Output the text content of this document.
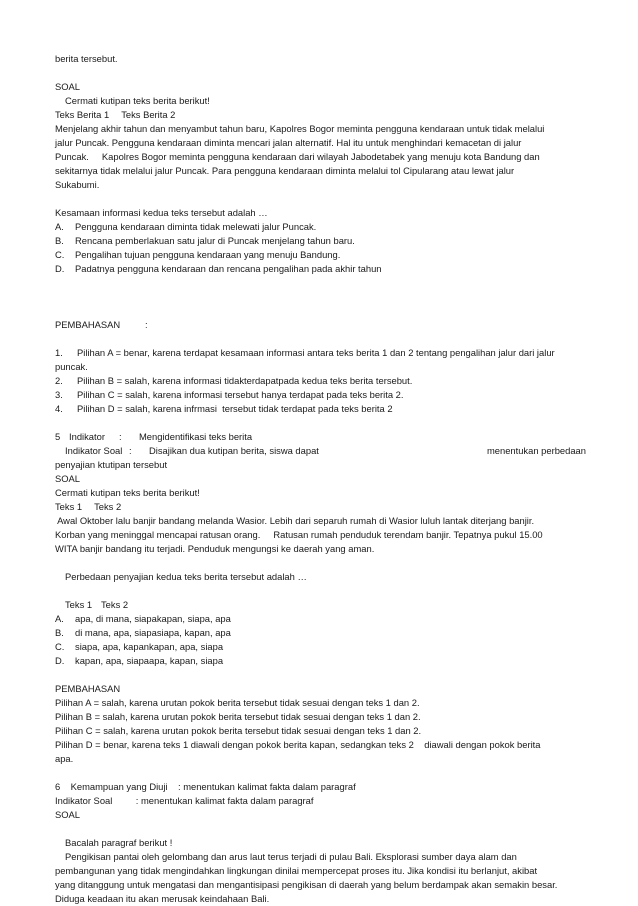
berita tersebut.

SOAL

Cermati kutipan teks berita berikut!

Teks Berita 1 Teks Berita 2

Menjelang akhir tahun dan menyambut tahun baru, Kapolres Bogor meminta pengguna kendaraan untuk tidak melalui

jalur Puncak. Pengguna kendaraan diminta mencari jalan alternatif. Hal itu untuk menghindari kemacetan di jalur

Puncak.     Kapolres Bogor meminta pengguna kendaraan dari wilayah Jabodetabek yang menuju kota Bandung dan

sekitarnya tidak melalui jalur Puncak. Para pengguna kendaraan diminta melalui tol Cipularang atau lewat jalur

Sukabumi.

Kesamaan informasi kedua teks tersebut adalah …

A.	Pengguna kendaraan diminta tidak melewati jalur Puncak.
B.	Rencana pemberlakuan satu jalur di Puncak menjelang tahun baru.
C.	Pengalihan tujuan pengguna kendaraan yang menuju Bandung.
D.	Padatnya pengguna kendaraan dan rencana pengalihan pada akhir tahun

PEMBAHASAN	:

1.	Pilihan A = benar, karena terdapat kesamaan informasi antara teks berita 1 dan 2 tentang pengalihan jalur dari jalur

puncak.

2.	Pilihan B = salah, karena informasi tidakterdapatpada kedua teks berita tersebut.
3.	Pilihan C = salah, karena informasi tersebut hanya terdapat pada teks berita 2.
4.	Pilihan D = salah, karena infrmasi  tersebut tidak terdapat pada teks berita 2
5 Indikator	:	Mengidentifikasi teks berita
Indikator Soal :	Disajikan dua kutipan berita, siswa dapat	menentukan perbedaan

penyajian ktutipan tersebut

SOAL

Cermati kutipan teks berita berikut!

Teks 1 Teks 2

Awal Oktober lalu banjir bandang melanda Wasior. Lebih dari separuh rumah di Wasior luluh lantak diterjang banjir.

Korban yang meninggal mencapai ratusan orang.     Ratusan rumah penduduk terendam banjir. Tepatnya pukul 15.00

WITA banjir bandang itu terjadi. Penduduk mengungsi ke daerah yang aman.

Perbedaan penyajian kedua teks berita tersebut adalah …

Teks 1 Teks 2

A.	apa, di mana, siapa kapan, siapa, apa
B.	di mana, apa, siapa siapa, kapan, apa
C.	siapa, apa, kapan kapan, apa, siapa
D.	kapan, apa, siapa apa, kapan, siapa

PEMBAHASAN

Pilihan A = salah, karena urutan pokok berita tersebut tidak sesuai dengan teks 1 dan 2.

Pilihan B = salah, karena urutan pokok berita tersebut tidak sesuai dengan teks 1 dan 2.

Pilihan C = salah, karena urutan pokok berita tersebut tidak sesuai dengan teks 1 dan 2.

Pilihan D = benar, karena teks 1 diawali dengan pokok berita kapan, sedangkan teks 2    diawali dengan pokok berita

apa.

6    Kemampuan yang Diuji    : menentukan kalimat fakta dalam paragraf

Indikator Soal         : menentukan kalimat fakta dalam paragraf

SOAL

Bacalah paragraf berikut !

Pengikisan pantai oleh gelombang dan arus laut terus terjadi di pulau Bali. Eksplorasi sumber daya alam dan

pembangunan yang tidak mengindahkan lingkungan dinilai mempercepat proses itu. Jika kondisi itu berlanjut, akibat

yang ditanggung untuk mengatasi dan mengantisipasi pengikisan di daerah yang belum berdampak akan semakin besar.

Diduga keadaan itu akan merusak keindahaan Bali.
